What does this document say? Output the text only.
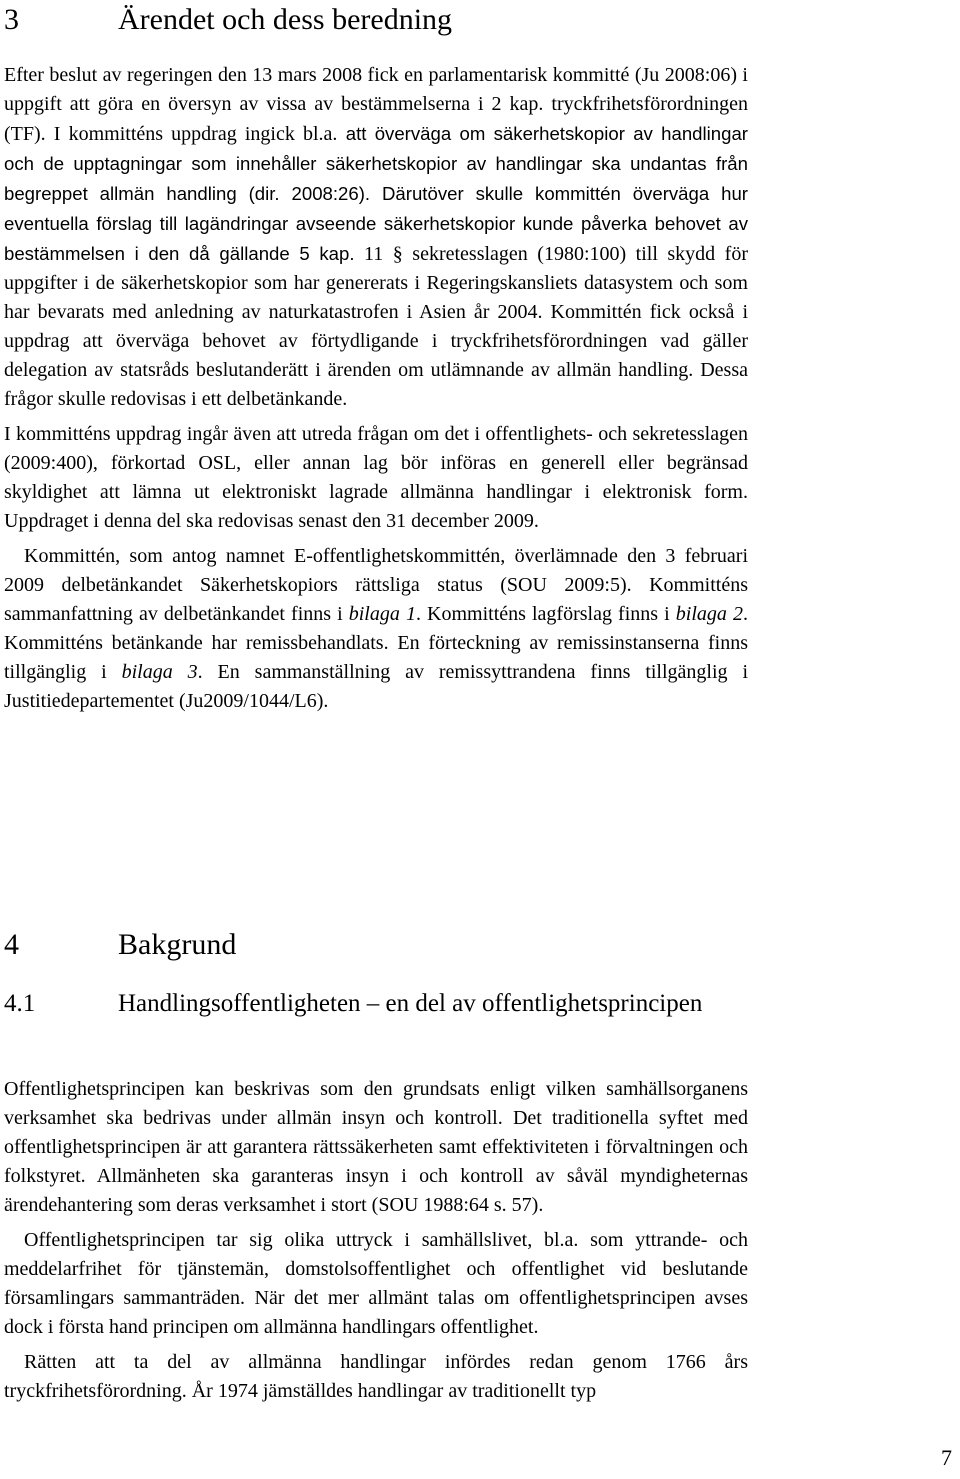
3	Ärendet och dess beredning

Efter beslut av regeringen den 13 mars 2008 fick en parlamentarisk kommitté (Ju 2008:06) i uppgift att göra en översyn av vissa av bestämmelserna i 2 kap. tryckfrihetsförordningen (TF). I kommitténs uppdrag ingick bl.a. att överväga om säkerhetskopior av handlingar och de upptagningar som innehåller säkerhetskopior av handlingar ska undantas från begreppet allmän handling (dir. 2008:26). Därutöver skulle kommittén överväga hur eventuella förslag till lagändringar avseende säkerhetskopior kunde påverka behovet av bestämmelsen i den då gällande 5 kap. 11 § sekretesslagen (1980:100) till skydd för uppgifter i de säkerhetskopior som har genererats i Regeringskansliets datasystem och som har bevarats med anledning av naturkatastrofen i Asien år 2004. Kommittén fick också i uppdrag att överväga behovet av förtydligande i tryckfrihetsförordningen vad gäller delegation av statsråds beslutanderätt i ärenden om utlämnande av allmän handling. Dessa frågor skulle redovisas i ett delbetänkande.

I kommitténs uppdrag ingår även att utreda frågan om det i offentlighets- och sekretesslagen (2009:400), förkortad OSL, eller annan lag bör införas en generell eller begränsad skyldighet att lämna ut elektroniskt lagrade allmänna handlingar i elektronisk form. Uppdraget i denna del ska redovisas senast den 31 december 2009.

Kommittén, som antog namnet E-offentlighetskommittén, överlämnade den 3 februari 2009 delbetänkandet Säkerhetskopiors rättsliga status (SOU 2009:5). Kommitténs sammanfattning av delbetänkandet finns i bilaga 1. Kommitténs lagförslag finns i bilaga 2. Kommitténs betänkande har remissbehandlats. En förteckning av remissinstanserna finns tillgänglig i bilaga 3. En sammanställning av remissyttrandena finns tillgänglig i Justitiedepartementet (Ju2009/1044/L6).

4	Bakgrund
4.1	Handlingsoffentligheten – en del av offentlighetsprincipen

Offentlighetsprincipen kan beskrivas som den grundsats enligt vilken samhällsorganens verksamhet ska bedrivas under allmän insyn och kontroll. Det traditionella syftet med offentlighetsprincipen är att garantera rättssäkerheten samt effektiviteten i förvaltningen och folkstyret. Allmänheten ska garanteras insyn i och kontroll av såväl myndigheternas ärendehantering som deras verksamhet i stort (SOU 1988:64 s. 57).

Offentlighetsprincipen tar sig olika uttryck i samhällslivet, bl.a. som yttrande- och meddelarfrihet för tjänstemän, domstolsoffentlighet och offentlighet vid beslutande församlingars sammanträden. När det mer allmänt talas om offentlighetsprincipen avses dock i första hand principen om allmänna handlingars offentlighet.

Rätten att ta del av allmänna handlingar infördes redan genom 1766 års tryckfrihetsförordning. År 1974 jämställdes handlingar av traditionellt typ

7
